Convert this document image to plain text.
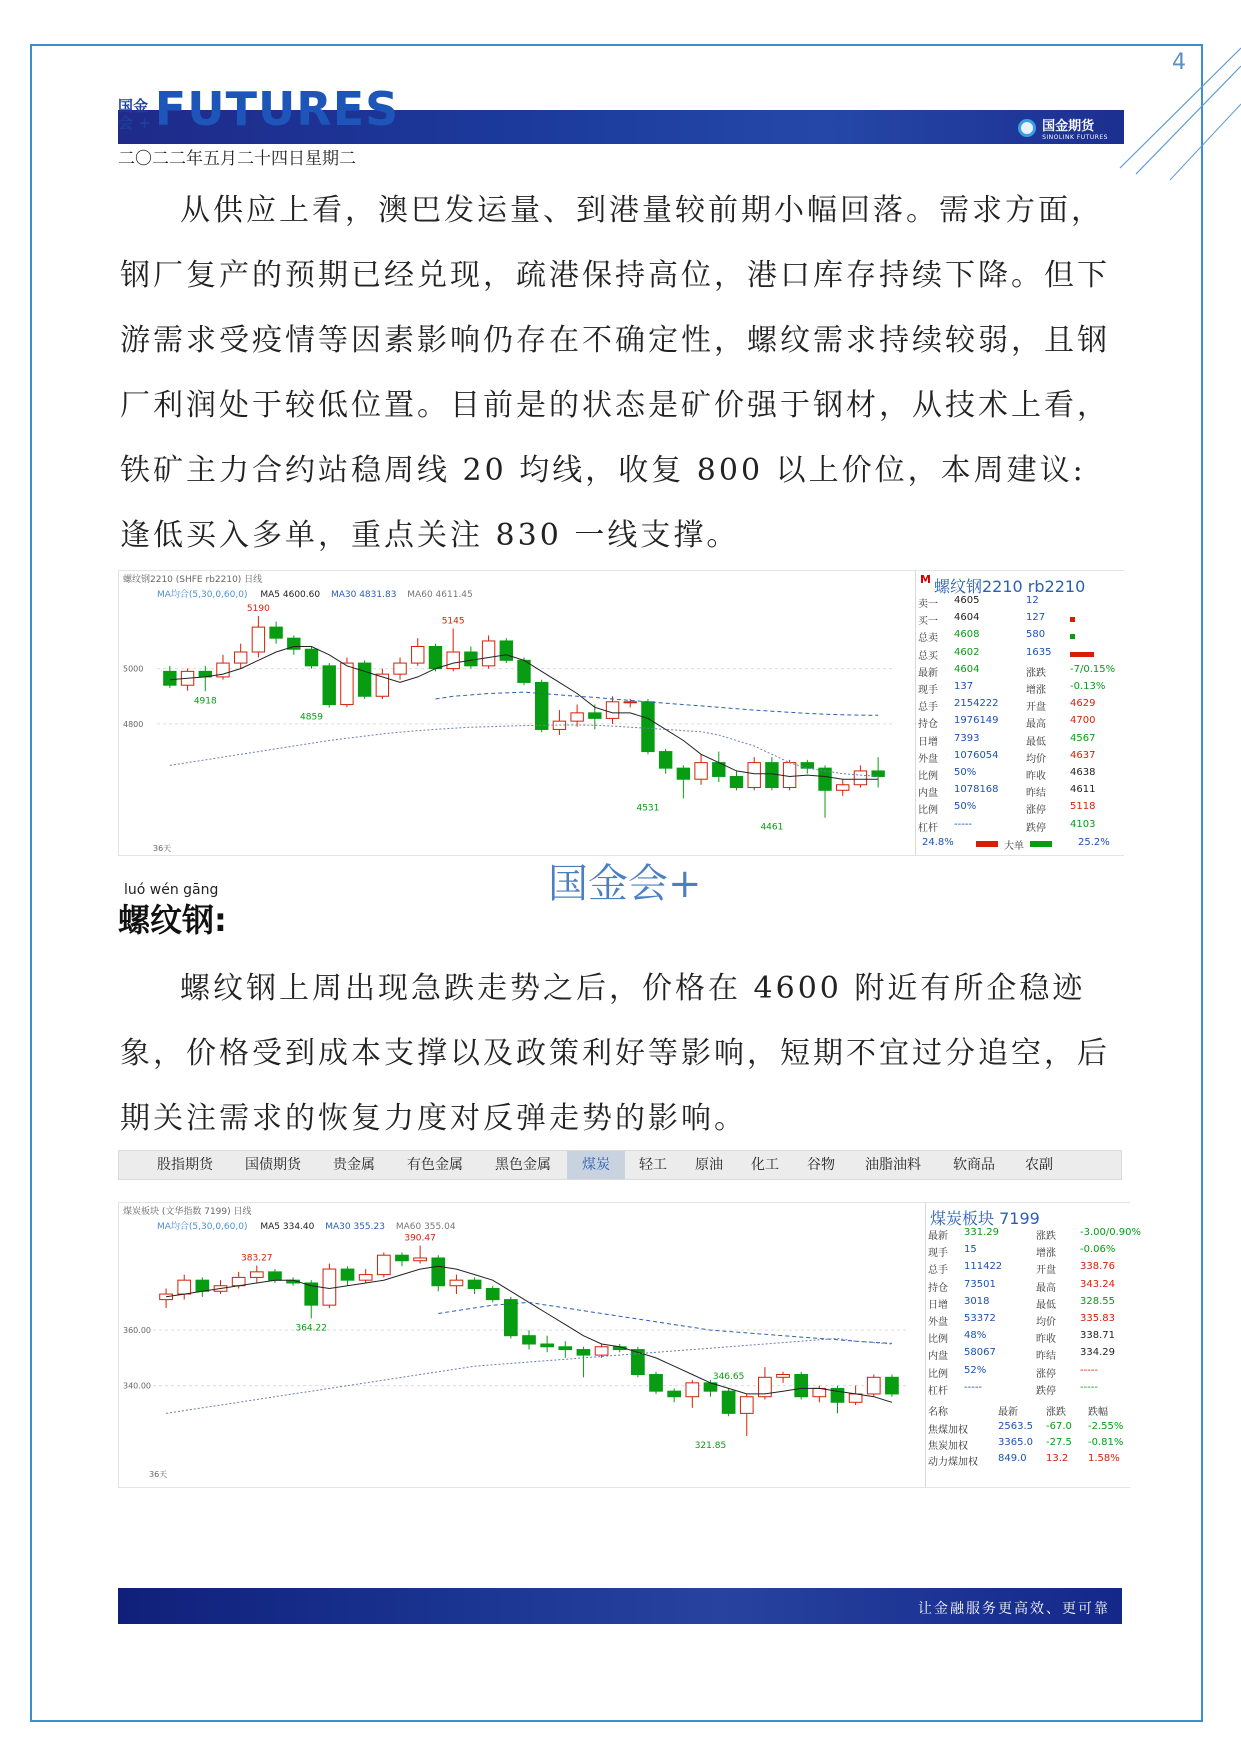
4
国金期货
SINOLINK FUTURES
国金
会 + FUTURES
二〇二二年五月二十四日星期二

从供应上看，澳巴发运量、到港量较前期小幅回落。需求方面，钢厂复产的预期已经兑现，疏港保持高位，港口库存持续下降。但下游需求受疫情等因素影响仍存在不确定性，螺纹需求持续较弱，且钢厂利润处于较低位置。目前是的状态是矿价强于钢材，从技术上看，铁矿主力合约站稳周线 20 均线，收复 800 以上价位，本周建议:逢低买入多单，重点关注 830 一线支撑。

5000
4800
5190
5145
4918
4859
4531
4461
36天
螺纹钢2210 (SHFE rb2210) 日线
MA均合(5,30,0,60,0) MA5 4600.60 MA30 4831.83 MA60 4611.45
M 螺纹钢2210 rb2210
卖一 4605	12
买一 4604	127
总卖 4608	580
总买 4602	1635
最新 4604	涨跌 -7/0.15%
现手 137	增涨 -0.13%
总手 2154222	开盘 4629
持仓 1976149	最高 4700
日增 7393	最低 4567
外盘 1076054	均价 4637
比例 50%	昨收 4638
内盘 1078168	昨结 4611
比例 50%	涨停 5118
杠杆 -----	跌停 4103
24.8%	大单	25.2%
国金会+
luó wén gāng
螺纹钢:

螺纹钢上周出现急跌走势之后，价格在 4600 附近有所企稳迹象，价格受到成本支撑以及政策利好等影响，短期不宜过分追空，后期关注需求的恢复力度对反弹走势的影响。

股指期货	国债期货	贵金属	有色金属	黑色金属	煤炭	轻工	原油	化工	谷物	油脂油料	软商品	农副
360.00
340.00
383.27
390.47
364.22
346.65
321.85
36天
煤炭板块 (文华指数 7199) 日线
MA均合(5,30,0,60,0) MA5 334.40 MA30 355.23 MA60 355.04	煤炭板块 7199
最新 331.29	涨跌 -3.00/0.90%
现手 15	增涨 -0.06%
总手 111422	开盘 338.76
持仓 73501	最高 343.24
日增 3018	最低 328.55
外盘 53372	均价 335.83
比例 48%	昨收 338.71
内盘 58067	昨结 334.29
比例 52%	涨停 -----
杠杆 -----	跌停 -----
名称	最新	涨跌 跌幅
焦煤加权	2563.5 -67.0 -2.55%
焦炭加权	3365.0 -27.5 -0.81%
动力煤加权 849.0 13.2 1.58%
让金融服务更高效、更可靠
